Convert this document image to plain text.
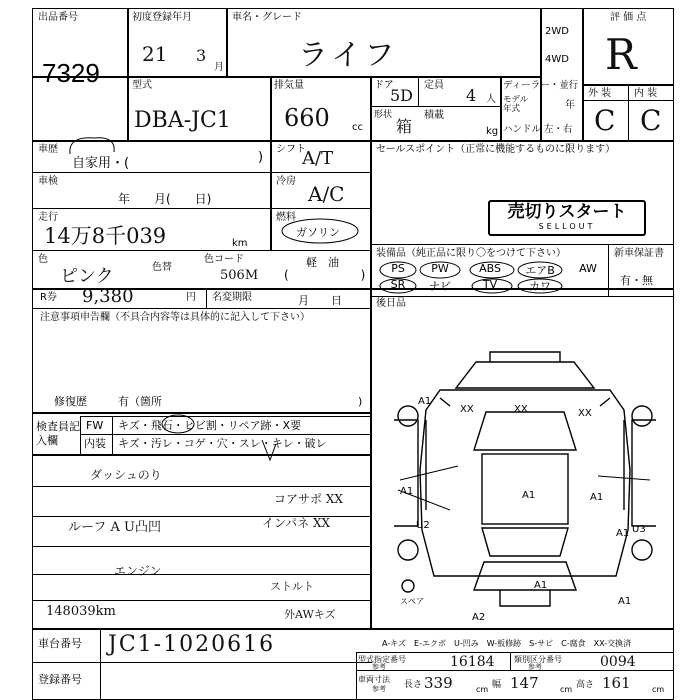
出品番号
7329
初度登録年月
21 3
月
車名・グレード
ライフ
2WD
4WD
評 価 点
R
外 装 内 装
C C
型式
DBA-JC1
排気量
660 cc
ドア
5D
定員
4 人
形状
箱
積載
kg
ディーラー・並行
モデル年式	年
ハンドル 左・右
車歴
自家用・(	)
シフト
A/T	セールスポイント（正常に機能するものに限ります）
車検
年　　月(　　日)
冷房
A/C
走行
14万8千039	km
燃料
ガソリン
軽　油
(　　　　　　)
売切りスタート
SELLOUT
色
ピンク	色替
色コード
506M
装備品（純正品に限り〇をつけて下さい）	新車保証書
有・無
PS	PW	ABS	エアB	AW
SR	ナビ	TV	カワ
後日品
R券 9,380	円 名変期限	月　　日
注意事項申告欄（不具合内容等は具体的に記入して下さい）
修復歴	有（箇所	)
検査員記入欄
FW キズ・飛石・ヒビ割・リペア跡・X要
内装 キズ・汚レ・コゲ・穴・スレ・キレ・破レ
ダッシュのり
ルーフ A U凸凹
コアサポ XX
インパネ XX
エンジン
ストルト
外AWキズ
148039km
A1
XX	XX	XX
A1	A1	A1
A1
U2	U3
A1
A1
A2
スペア
車台番号 JC1-1020616
登録番号
A-キズ　E-エクボ　U-凹み　W-板修跡　S-サビ　C-腐食　XX-交換済
型式指定番号
参考	16184 類別区分番号
参考	0094
車両寸法
参考 長さ 339	cm 幅 147	cm 高さ 161	cm
